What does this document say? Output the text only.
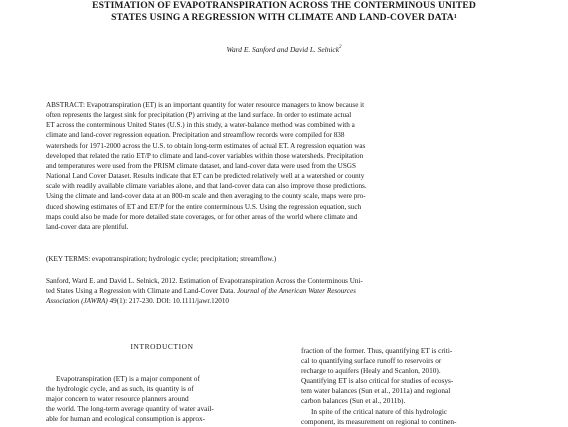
ESTIMATION OF EVAPOTRANSPIRATION ACROSS THE CONTERMINOUS UNITED
STATES USING A REGRESSION WITH CLIMATE AND LAND-COVER DATA$^1$
Ward E. Sanford and David L. Selnick$^2$
ABSTRACT: Evapotranspiration (ET) is an important quantity for water resource managers to know because it
often represents the largest sink for precipitation (P) arriving at the land surface. In order to estimate actual
ET across the conterminous United States (U.S.) in this study, a water-balance method was combined with a
climate and land-cover regression equation. Precipitation and streamflow records were compiled for 838
watersheds for 1971-2000 across the U.S. to obtain long-term estimates of actual ET. A regression equation was
developed that related the ratio ET/P to climate and land-cover variables within those watersheds. Precipitation
and temperatures were used from the PRISM climate dataset, and land-cover data were used from the USGS
National Land Cover Dataset. Results indicate that ET can be predicted relatively well at a watershed or county
scale with readily available climate variables alone, and that land-cover data can also improve those predictions.
Using the climate and land-cover data at an 800-m scale and then averaging to the county scale, maps were pro-
duced showing estimates of ET and ET/P for the entire conterminous U.S. Using the regression equation, such
maps could also be made for more detailed state coverages, or for other areas of the world where climate and
land-cover data are plentiful.
(KEY TERMS: evapotranspiration; hydrologic cycle; precipitation; streamflow.)
Sanford, Ward E. and David L. Selnick, 2012. Estimation of Evapotranspiration Across the Conterminous Uni-
ted States Using a Regression with Climate and Land-Cover Data. Journal of the American Water Resources
Association (JAWRA) 49(1): 217-230. DOI: 10.1111/jawr.12010
INTRODUCTION
Evapotranspiration (ET) is a major component of
the hydrologic cycle, and as such, its quantity is of
major concern to water resource planners around
the world. The long-term average quantity of water avail-
able for human and ecological consumption is approx-
fraction of the former. Thus, quantifying ET is criti-
cal to quantifying surface runoff to reservoirs or
recharge to aquifers (Healy and Scanlon, 2010).
Quantifying ET is also critical for studies of ecosys-
tem water balances (Sun et al., 2011a) and regional
carbon balances (Sun et al., 2011b).
In spite of the critical nature of this hydrologic
component, its measurement on regional to continen-
